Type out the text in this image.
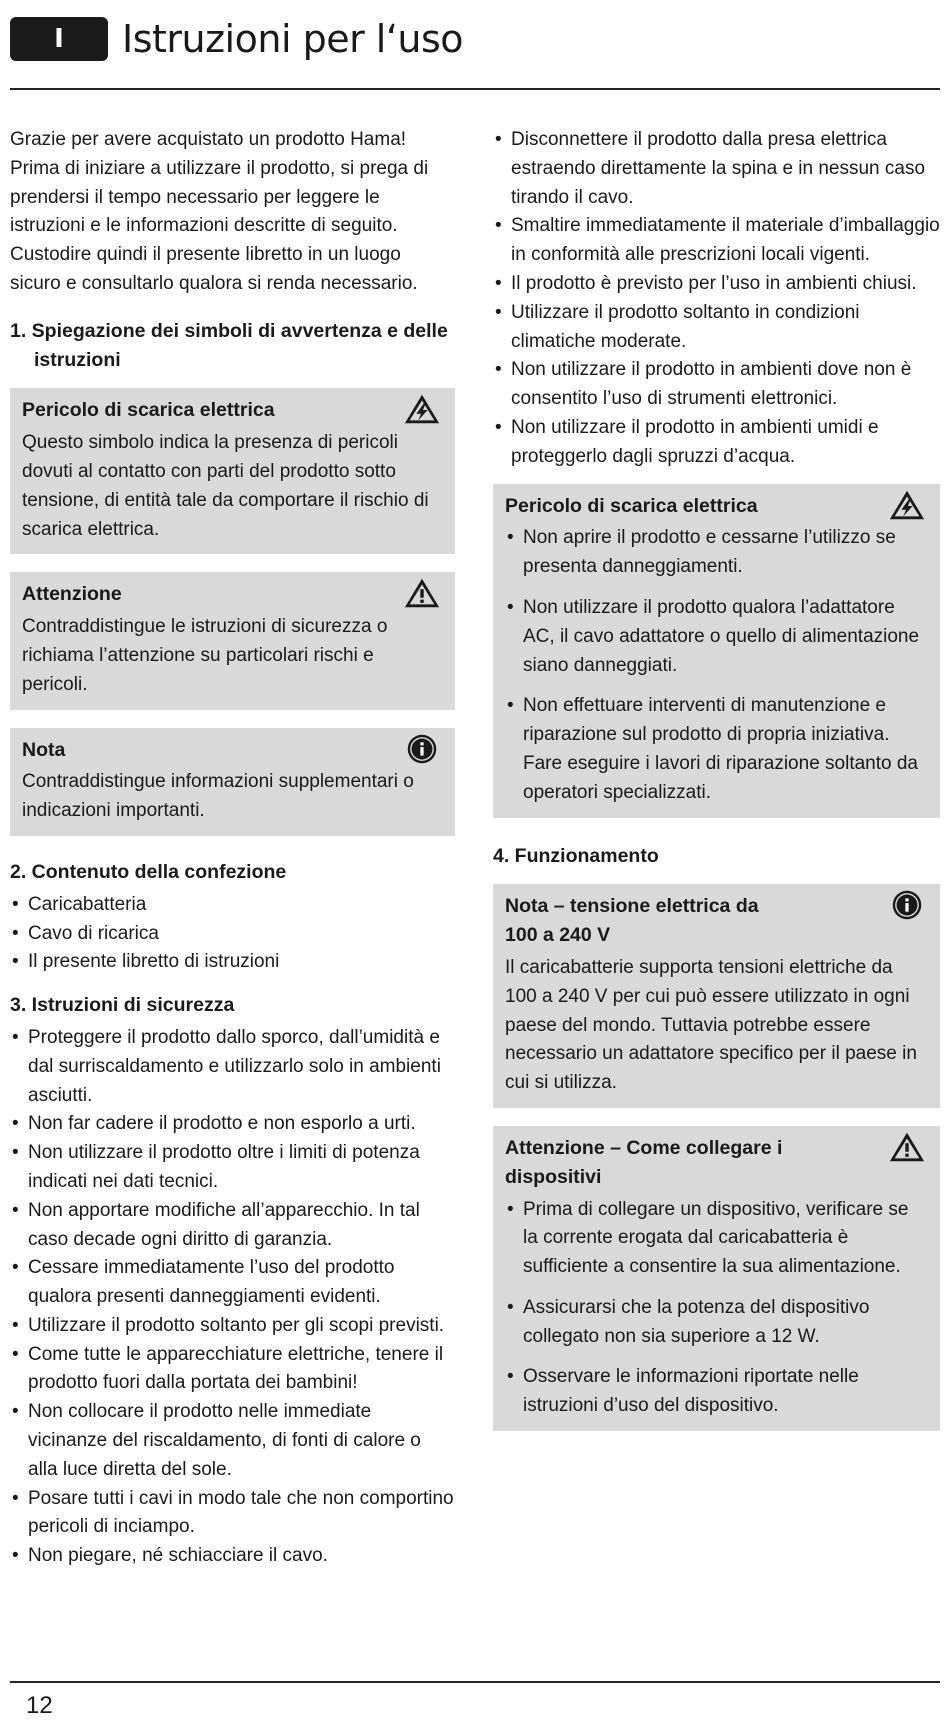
I	Istruzioni per l‘uso

Grazie per avere acquistato un prodotto Hama! Prima di iniziare a utilizzare il prodotto, si prega di prendersi il tempo necessario per leggere le istruzioni e le informazioni descritte di seguito. Custodire quindi il presente libretto in un luogo sicuro e consultarlo qualora si renda necessario.

1. Spiegazione dei simboli di avvertenza e delle istruzioni
Pericolo di scarica elettrica
Questo simbolo indica la presenza di pericoli dovuti al contatto con parti del prodotto sotto tensione, di entità tale da comportare il rischio di scarica elettrica.
Attenzione
Contraddistingue le istruzioni di sicurezza o richiama l’attenzione su particolari rischi e pericoli.
Nota
Contraddistingue informazioni supplementari o indicazioni importanti.
2. Contenuto della confezione
• Caricabatteria
• Cavo di ricarica
• Il presente libretto di istruzioni
3. Istruzioni di sicurezza
• Proteggere il prodotto dallo sporco, dall’umidità e dal surriscaldamento e utilizzarlo solo in ambienti asciutti.
• Non far cadere il prodotto e non esporlo a urti.
• Non utilizzare il prodotto oltre i limiti di potenza indicati nei dati tecnici.
• Non apportare modifiche all’apparecchio. In tal caso decade ogni diritto di garanzia.
• Cessare immediatamente l’uso del prodotto qualora presenti danneggiamenti evidenti.
• Utilizzare il prodotto soltanto per gli scopi previsti.
• Come tutte le apparecchiature elettriche, tenere il prodotto fuori dalla portata dei bambini!
• Non collocare il prodotto nelle immediate vicinanze del riscaldamento, di fonti di calore o alla luce diretta del sole.
• Posare tutti i cavi in modo tale che non comportino pericoli di inciampo.
• Non piegare, né schiacciare il cavo.
• Disconnettere il prodotto dalla presa elettrica estraendo direttamente la spina e in nessun caso tirando il cavo.
• Smaltire immediatamente il materiale d’imballaggio in conformità alle prescrizioni locali vigenti.
• Il prodotto è previsto per l’uso in ambienti chiusi.
• Utilizzare il prodotto soltanto in condizioni climatiche moderate.
• Non utilizzare il prodotto in ambienti dove non è consentito l’uso di strumenti elettronici.
• Non utilizzare il prodotto in ambienti umidi e proteggerlo dagli spruzzi d’acqua.
Pericolo di scarica elettrica
• Non aprire il prodotto e cessarne l’utilizzo se presenta danneggiamenti.
• Non utilizzare il prodotto qualora l’adattatore AC, il cavo adattatore o quello di alimentazione siano danneggiati.
• Non effettuare interventi di manutenzione e riparazione sul prodotto di propria iniziativa. Fare eseguire i lavori di riparazione soltanto da operatori specializzati.
4. Funzionamento
Nota – tensione elettrica da 100 a 240 V
Il caricabatterie supporta tensioni elettriche da 100 a 240 V per cui può essere utilizzato in ogni paese del mondo. Tuttavia potrebbe essere necessario un adattatore specifico per il paese in cui si utilizza.
Attenzione – Come collegare i dispositivi
• Prima di collegare un dispositivo, verificare se la corrente erogata dal caricabatteria è sufficiente a consentire la sua alimentazione.
• Assicurarsi che la potenza del dispositivo collegato non sia superiore a 12 W.
• Osservare le informazioni riportate nelle istruzioni d’uso del dispositivo.
12
